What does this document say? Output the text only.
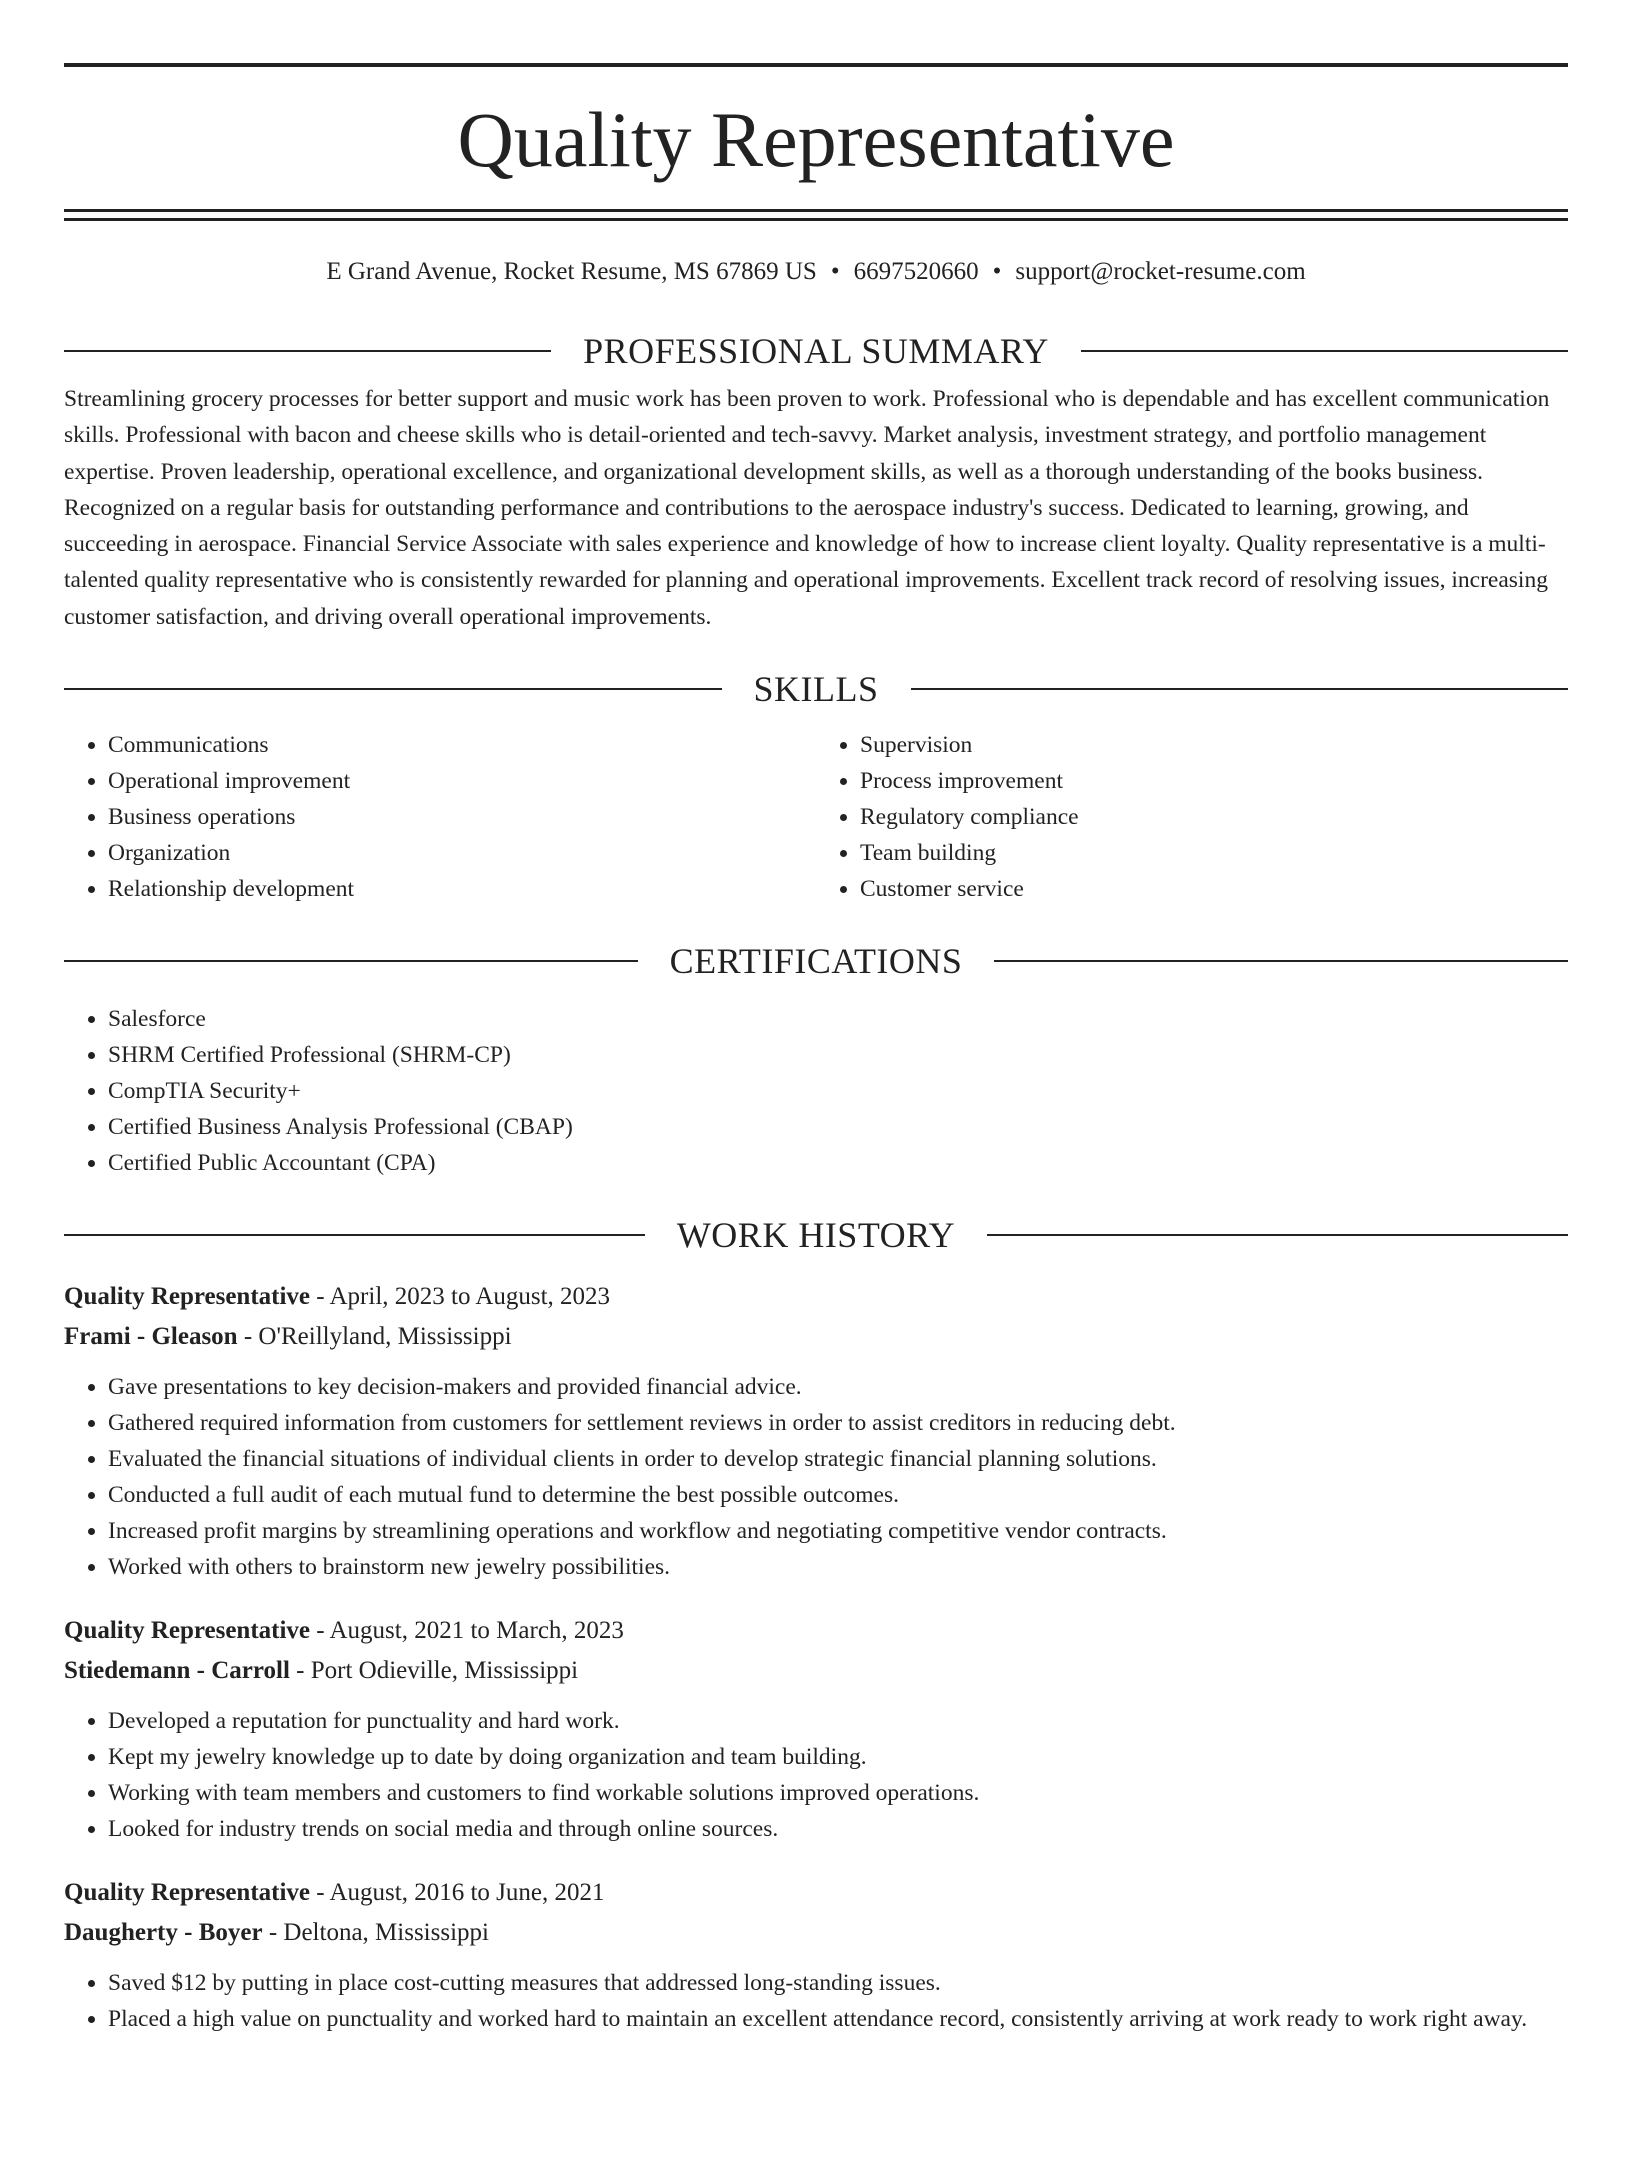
Quality Representative
E Grand Avenue, Rocket Resume, MS 67869 US • 6697520660 • support@rocket-resume.com
PROFESSIONAL SUMMARY
Streamlining grocery processes for better support and music work has been proven to work. Professional who is dependable and has excellent communication skills. Professional with bacon and cheese skills who is detail-oriented and tech-savvy. Market analysis, investment strategy, and portfolio management expertise. Proven leadership, operational excellence, and organizational development skills, as well as a thorough understanding of the books business. Recognized on a regular basis for outstanding performance and contributions to the aerospace industry's success. Dedicated to learning, growing, and succeeding in aerospace. Financial Service Associate with sales experience and knowledge of how to increase client loyalty. Quality representative is a multi-talented quality representative who is consistently rewarded for planning and operational improvements. Excellent track record of resolving issues, increasing customer satisfaction, and driving overall operational improvements.
SKILLS
• Communications
• Operational improvement
• Business operations
• Organization
• Relationship development
• Supervision
• Process improvement
• Regulatory compliance
• Team building
• Customer service
CERTIFICATIONS
• Salesforce
• SHRM Certified Professional (SHRM-CP)
• CompTIA Security+
• Certified Business Analysis Professional (CBAP)
• Certified Public Accountant (CPA)
WORK HISTORY
Quality Representative - April, 2023 to August, 2023
Frami - Gleason - O'Reillyland, Mississippi
• Gave presentations to key decision-makers and provided financial advice.
• Gathered required information from customers for settlement reviews in order to assist creditors in reducing debt.
• Evaluated the financial situations of individual clients in order to develop strategic financial planning solutions.
• Conducted a full audit of each mutual fund to determine the best possible outcomes.
• Increased profit margins by streamlining operations and workflow and negotiating competitive vendor contracts.
• Worked with others to brainstorm new jewelry possibilities.
Quality Representative - August, 2021 to March, 2023
Stiedemann - Carroll - Port Odieville, Mississippi
• Developed a reputation for punctuality and hard work.
• Kept my jewelry knowledge up to date by doing organization and team building.
• Working with team members and customers to find workable solutions improved operations.
• Looked for industry trends on social media and through online sources.
Quality Representative - August, 2016 to June, 2021
Daugherty - Boyer - Deltona, Mississippi
• Saved $12 by putting in place cost-cutting measures that addressed long-standing issues.
• Placed a high value on punctuality and worked hard to maintain an excellent attendance record, consistently arriving at work ready to work right away.
